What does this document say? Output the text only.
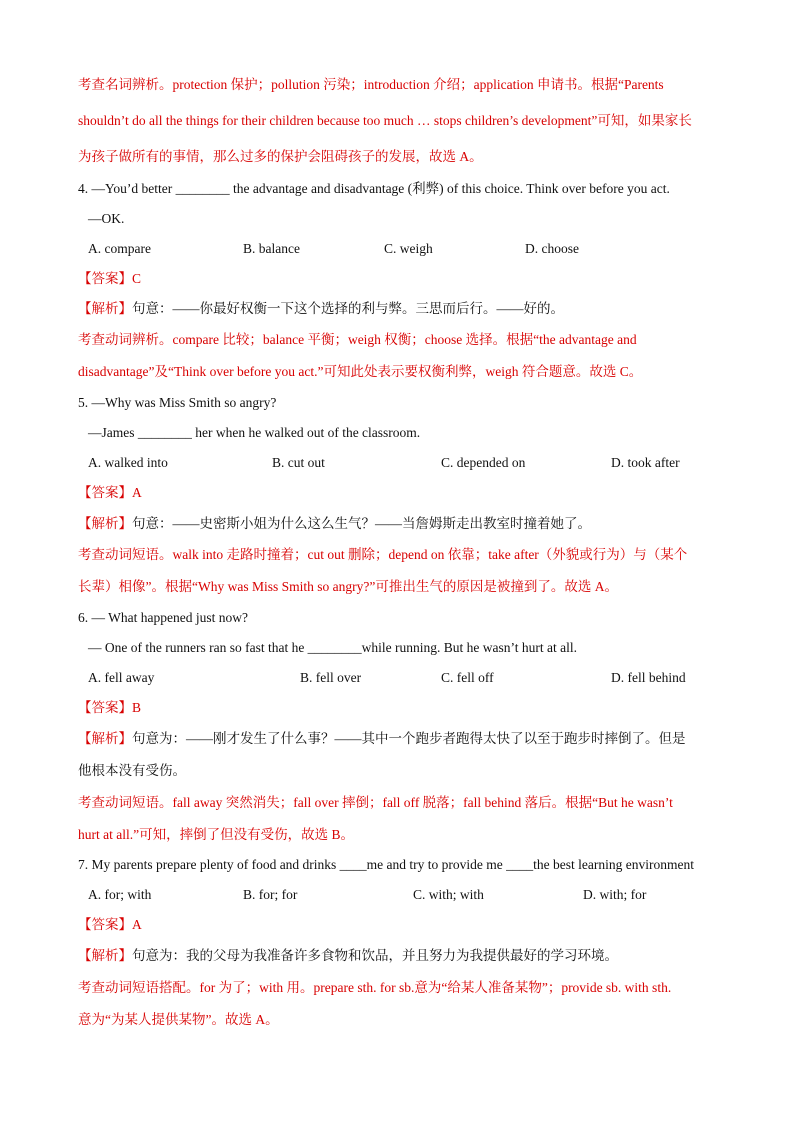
考查名词辨析。protection 保护；pollution 污染；introduction 介绍；application 申请书。根据“Parents
shouldn’t do all the things for their children because too much … stops children’s development”可知，如果家长
为孩子做所有的事情，那么过多的保护会阻碍孩子的发展，故选 A。
4. —You’d better ________ the advantage and disadvantage (利弊) of this choice. Think over before you act.
—OK.
A. compare	B. balance	C. weigh	D. choose
【答案】C
【解析】句意：——你最好权衡一下这个选择的利与弊。三思而后行。——好的。
考查动词辨析。compare 比较；balance 平衡；weigh 权衡；choose 选择。根据“the advantage and
disadvantage”及“Think over before you act.”可知此处表示要权衡利弊，weigh 符合题意。故选 C。
5. —Why was Miss Smith so angry?
—James ________ her when he walked out of the classroom.
A. walked into	B. cut out	C. depended on	D. took after
【答案】A
【解析】句意：——史密斯小姐为什么这么生气？——当詹姆斯走出教室时撞着她了。
考查动词短语。walk into 走路时撞着；cut out 删除；depend on 依靠；take after（外貌或行为）与（某个
长辈）相像”。根据“Why was Miss Smith so angry?”可推出生气的原因是被撞到了。故选 A。
6. — What happened just now?
— One of the runners ran so fast that he ________while running. But he wasn’t hurt at all.
A. fell away	B. fell over	C. fell off	D. fell behind
【答案】B
【解析】句意为：——刚才发生了什么事？——其中一个跑步者跑得太快了以至于跑步时摔倒了。但是
他根本没有受伤。
考查动词短语。fall away 突然消失；fall over 摔倒；fall off 脱落；fall behind 落后。根据“But he wasn’t
hurt at all.”可知，摔倒了但没有受伤，故选 B。
7. My parents prepare plenty of food and drinks ____me and try to provide me ____the best learning environment
A. for; with	B. for; for	C. with; with	D. with; for
【答案】A
【解析】句意为：我的父母为我准备许多食物和饮品，并且努力为我提供最好的学习环境。
考查动词短语搭配。for 为了；with 用。prepare sth. for sb.意为“给某人准备某物”；provide sb. with sth.
意为“为某人提供某物”。故选 A。
